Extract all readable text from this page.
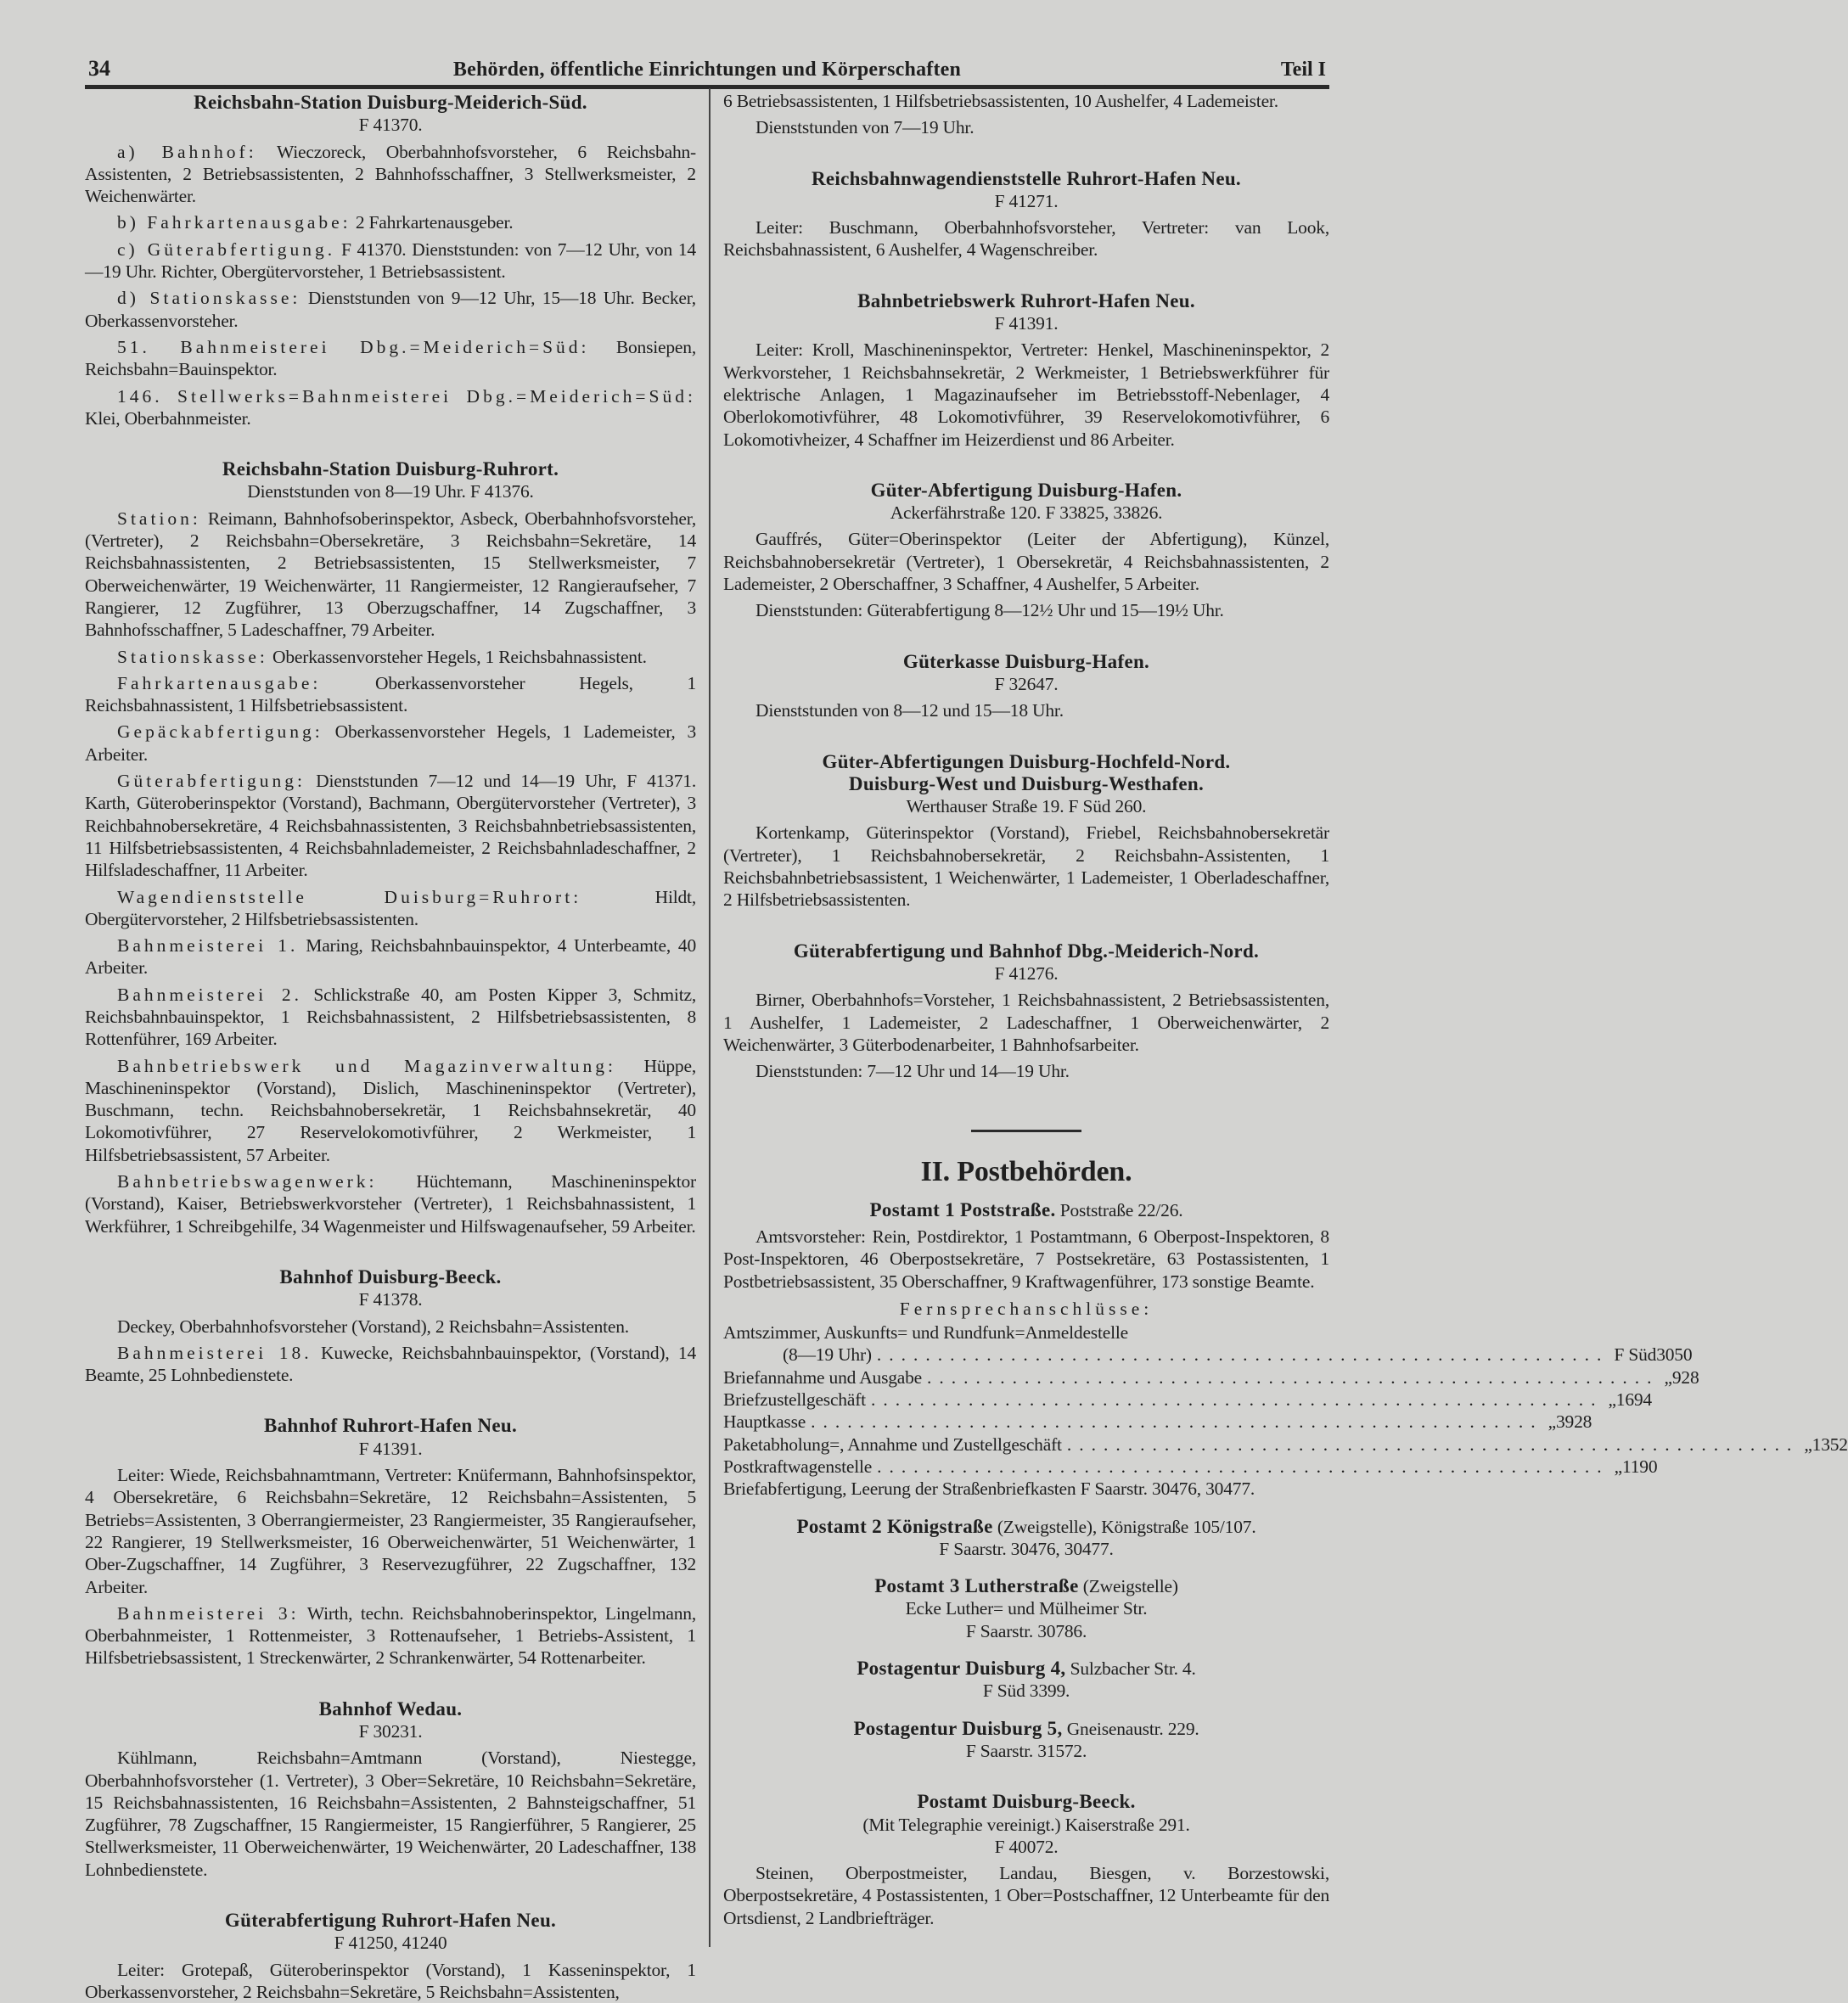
34	Behörden, öffentliche Einrichtungen und Körperschaften	Teil I
Reichsbahn-Station Duisburg-Meiderich-Süd.
F 41370.
a) Bahnhof: Wieczoreck, Oberbahnhofsvorsteher, 6 Reichsbahn-Assistenten, 2 Betriebsassistenten, 2 Bahnhofsschaffner, 3 Stellwerksmeister, 2 Weichenwärter.
b) Fahrkartenausgabe: 2 Fahrkartenausgeber.
c) Güterabfertigung. F 41370. Dienststunden: von 7—12 Uhr, von 14—19 Uhr. Richter, Obergütervorsteher, 1 Betriebsassistent.
d) Stationskasse: Dienststunden von 9—12 Uhr, 15—18 Uhr. Becker, Oberkassenvorsteher.
51. Bahnmeisterei Dbg.=Meiderich=Süd: Bonsiepen, Reichsbahn=Bauinspektor.
146. Stellwerks=Bahnmeisterei Dbg.=Meiderich=Süd: Klei, Oberbahnmeister.
Reichsbahn-Station Duisburg-Ruhrort.
Dienststunden von 8—19 Uhr. F 41376.
Station: Reimann, Bahnhofsoberinspektor, Asbeck, Oberbahnhofsvorsteher, (Vertreter), 2 Reichsbahn=Obersekretäre, 3 Reichsbahn=Sekretäre, 14 Reichsbahnassistenten, 2 Betriebsassistenten, 15 Stellwerksmeister, 7 Oberweichenwärter, 19 Weichenwärter, 11 Rangiermeister, 12 Rangieraufseher, 7 Rangierer, 12 Zugführer, 13 Oberzugschaffner, 14 Zugschaffner, 3 Bahnhofsschaffner, 5 Ladeschaffner, 79 Arbeiter.
Stationskasse: Oberkassenvorsteher Hegels, 1 Reichsbahnassistent.
Fahrkartenausgabe: Oberkassenvorsteher Hegels, 1 Reichsbahnassistent, 1 Hilfsbetriebsassistent.
Gepäckabfertigung: Oberkassenvorsteher Hegels, 1 Lademeister, 3 Arbeiter.
Güterabfertigung: Dienststunden 7—12 und 14—19 Uhr, F 41371. Karth, Güteroberinspektor (Vorstand), Bachmann, Obergütervorsteher (Vertreter), 3 Reichbahnobersekretäre, 4 Reichsbahnassistenten, 3 Reichsbahnbetriebsassistenten, 11 Hilfsbetriebsassistenten, 4 Reichsbahnlademeister, 2 Reichsbahnladeschaffner, 2 Hilfsladeschaffner, 11 Arbeiter.
Wagendienststelle Duisburg=Ruhrort: Hildt, Obergütervorsteher, 2 Hilfsbetriebsassistenten.
Bahnmeisterei 1. Maring, Reichsbahnbauinspektor, 4 Unterbeamte, 40 Arbeiter.
Bahnmeisterei 2. Schlickstraße 40, am Posten Kipper 3, Schmitz, Reichsbahnbauinspektor, 1 Reichsbahnassistent, 2 Hilfsbetriebsassistenten, 8 Rottenführer, 169 Arbeiter.
Bahnbetriebswerk und Magazinverwaltung: Hüppe, Maschineninspektor (Vorstand), Dislich, Maschineninspektor (Vertreter), Buschmann, techn. Reichsbahnobersekretär, 1 Reichsbahnsekretär, 40 Lokomotivführer, 27 Reservelokomotivführer, 2 Werkmeister, 1 Hilfsbetriebsassistent, 57 Arbeiter.
Bahnbetriebswagenwerk: Hüchtemann, Maschineninspektor (Vorstand), Kaiser, Betriebswerkvorsteher (Vertreter), 1 Reichsbahnassistent, 1 Werkführer, 1 Schreibgehilfe, 34 Wagenmeister und Hilfswagenaufseher, 59 Arbeiter.
Bahnhof Duisburg-Beeck.
F 41378.
Deckey, Oberbahnhofsvorsteher (Vorstand), 2 Reichsbahn=Assistenten.
Bahnmeisterei 18. Kuwecke, Reichsbahnbauinspektor, (Vorstand), 14 Beamte, 25 Lohnbedienstete.
Bahnhof Ruhrort-Hafen Neu.
F 41391.
Leiter: Wiede, Reichsbahnamtmann, Vertreter: Knüfermann, Bahnhofsinspektor, 4 Obersekretäre, 6 Reichsbahn=Sekretäre, 12 Reichsbahn=Assistenten, 5 Betriebs=Assistenten, 3 Oberrangiermeister, 23 Rangiermeister, 35 Rangieraufseher, 22 Rangierer, 19 Stellwerksmeister, 16 Oberweichenwärter, 51 Weichenwärter, 1 Ober-Zugschaffner, 14 Zugführer, 3 Reservezugführer, 22 Zugschaffner, 132 Arbeiter.
Bahnmeisterei 3: Wirth, techn. Reichsbahnoberinspektor, Lingelmann, Oberbahnmeister, 1 Rottenmeister, 3 Rottenaufseher, 1 Betriebs-Assistent, 1 Hilfsbetriebsassistent, 1 Streckenwärter, 2 Schrankenwärter, 54 Rottenarbeiter.
Bahnhof Wedau.
F 30231.
Kühlmann, Reichsbahn=Amtmann (Vorstand), Niestegge, Oberbahnhofsvorsteher (1. Vertreter), 3 Ober=Sekretäre, 10 Reichsbahn=Sekretäre, 15 Reichsbahnassistenten, 16 Reichsbahn=Assistenten, 2 Bahnsteigschaffner, 51 Zugführer, 78 Zugschaffner, 15 Rangiermeister, 15 Rangierführer, 5 Rangierer, 25 Stellwerksmeister, 11 Oberweichenwärter, 19 Weichenwärter, 20 Ladeschaffner, 138 Lohnbedienstete.
Güterabfertigung Ruhrort-Hafen Neu.
F 41250, 41240
Leiter: Grotepaß, Güteroberinspektor (Vorstand), 1 Kasseninspektor, 1 Oberkassenvorsteher, 2 Reichsbahn=Sekretäre, 5 Reichsbahn=Assistenten,
6 Betriebsassistenten, 1 Hilfsbetriebsassistenten, 10 Aushelfer, 4 Lademeister.
Dienststunden von 7—19 Uhr.
Reichsbahnwagendienststelle Ruhrort-Hafen Neu.
F 41271.
Leiter: Buschmann, Oberbahnhofsvorsteher, Vertreter: van Look, Reichsbahnassistent, 6 Aushelfer, 4 Wagenschreiber.
Bahnbetriebswerk Ruhrort-Hafen Neu.
F 41391.
Leiter: Kroll, Maschineninspektor, Vertreter: Henkel, Maschineninspektor, 2 Werkvorsteher, 1 Reichsbahnsekretär, 2 Werkmeister, 1 Betriebswerkführer für elektrische Anlagen, 1 Magazinaufseher im Betriebsstoff-Nebenlager, 4 Oberlokomotivführer, 48 Lokomotivführer, 39 Reservelokomotivführer, 6 Lokomotivheizer, 4 Schaffner im Heizerdienst und 86 Arbeiter.
Güter-Abfertigung Duisburg-Hafen.
Ackerfährstraße 120. F 33825, 33826.
Gauffrés, Güter=Oberinspektor (Leiter der Abfertigung), Künzel, Reichsbahnobersekretär (Vertreter), 1 Obersekretär, 4 Reichsbahnassistenten, 2 Lademeister, 2 Oberschaffner, 3 Schaffner, 4 Aushelfer, 5 Arbeiter.
Dienststunden: Güterabfertigung 8—12½ Uhr und 15—19½ Uhr.
Güterkasse Duisburg-Hafen.
F 32647.
Dienststunden von 8—12 und 15—18 Uhr.
Güter-Abfertigungen Duisburg-Hochfeld-Nord.
Duisburg-West und Duisburg-Westhafen.
Werthauser Straße 19. F Süd 260.
Kortenkamp, Güterinspektor (Vorstand), Friebel, Reichsbahnobersekretär (Vertreter), 1 Reichsbahnobersekretär, 2 Reichsbahn-Assistenten, 1 Reichsbahnbetriebsassistent, 1 Weichenwärter, 1 Lademeister, 1 Oberladeschaffner, 2 Hilfsbetriebsassistenten.
Güterabfertigung und Bahnhof Dbg.-Meiderich-Nord.
F 41276.
Birner, Oberbahnhofs=Vorsteher, 1 Reichsbahnassistent, 2 Betriebsassistenten, 1 Aushelfer, 1 Lademeister, 2 Ladeschaffner, 1 Oberweichenwärter, 2 Weichenwärter, 3 Güterbodenarbeiter, 1 Bahnhofsarbeiter.
Dienststunden: 7—12 Uhr und 14—19 Uhr.
II. Postbehörden.
Postamt 1 Poststraße. Poststraße 22/26.
Amtsvorsteher: Rein, Postdirektor, 1 Postamtmann, 6 Oberpost-Inspektoren, 8 Post-Inspektoren, 46 Oberpostsekretäre, 7 Postsekretäre, 63 Postassistenten, 1 Postbetriebsassistent, 35 Oberschaffner, 9 Kraftwagenführer, 173 sonstige Beamte.
Fernsprechanschlüsse:
Amtszimmer, Auskunfts= und Rundfunk=Anmeldestelle
(8—19 Uhr) ............................................................ F Süd 3050
Briefannahme und Ausgabe ............................................................ „ 928
Briefzustellgeschäft ............................................................ „ 1694
Hauptkasse ............................................................ „ 3928
Paketabholung=, Annahme und Zustellgeschäft ............................................................ „ 1352
Postkraftwagenstelle ............................................................ „ 1190
Briefabfertigung, Leerung der Straßenbriefkasten F Saarstr. 30476, 30477.
Postamt 2 Königstraße (Zweigstelle), Königstraße 105/107.
F Saarstr. 30476, 30477.
Postamt 3 Lutherstraße (Zweigstelle)
Ecke Luther= und Mülheimer Str.
F Saarstr. 30786.
Postagentur Duisburg 4, Sulzbacher Str. 4.
F Süd 3399.
Postagentur Duisburg 5, Gneisenaustr. 229.
F Saarstr. 31572.
Postamt Duisburg-Beeck.
(Mit Telegraphie vereinigt.) Kaiserstraße 291.
F 40072.
Steinen, Oberpostmeister, Landau, Biesgen, v. Borzestowski, Oberpostsekretäre, 4 Postassistenten, 1 Ober=Postschaffner, 12 Unterbeamte für den Ortsdienst, 2 Landbriefträger.
